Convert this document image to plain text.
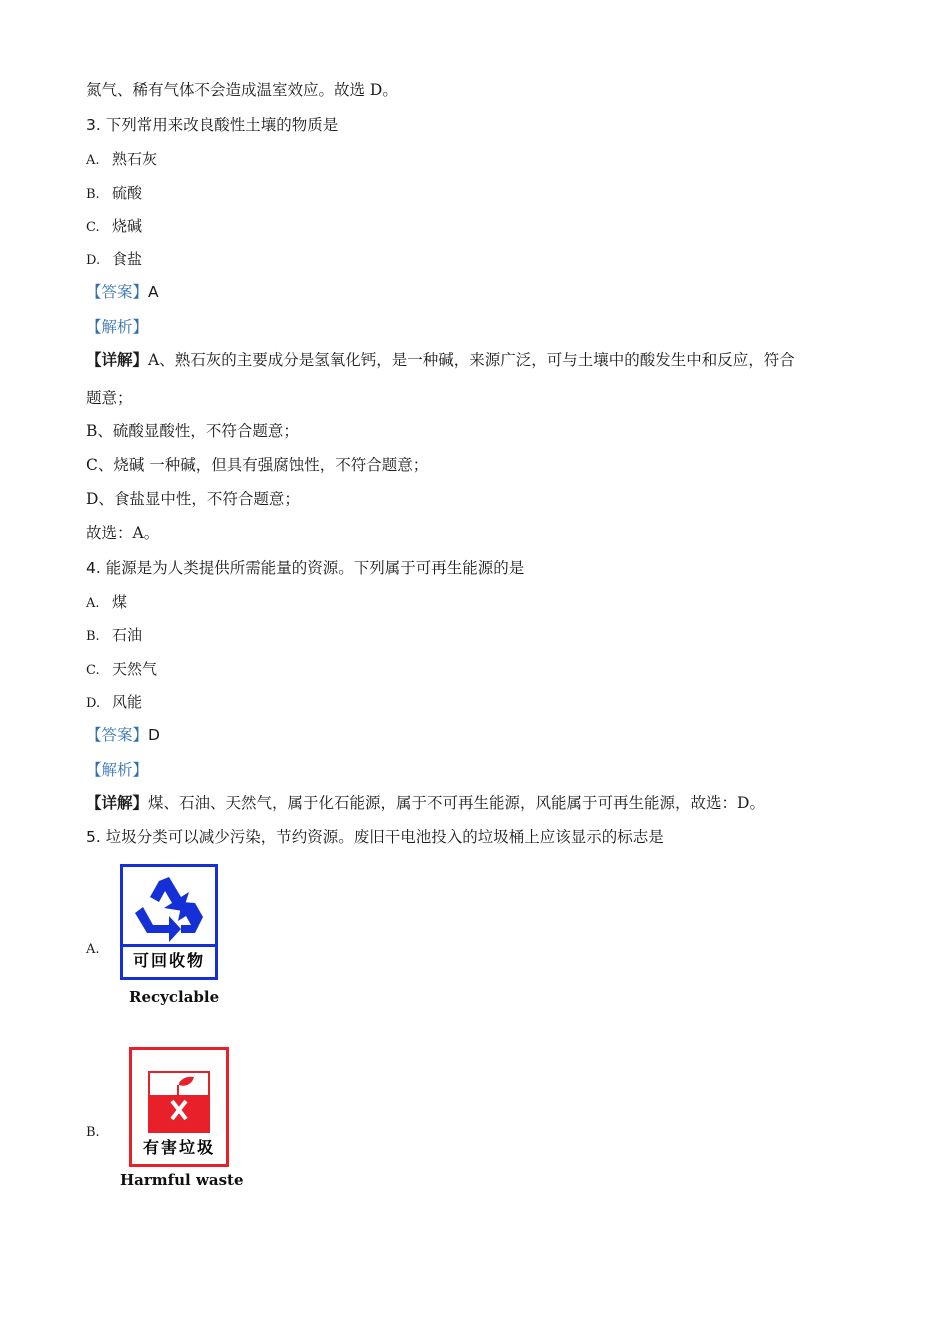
氮气、稀有气体不会造成温室效应。故选 D。
3. 下列常用来改良酸性土壤的物质是
A. 熟石灰
B. 硫酸
C. 烧碱
D. 食盐
【答案】A
【解析】
【详解】A、熟石灰的主要成分是氢氧化钙，是一种碱，来源广泛，可与土壤中的酸发生中和反应，符合
题意；
B、硫酸显酸性，不符合题意；
C、烧碱 一种碱，但具有强腐蚀性，不符合题意；
D、食盐显中性，不符合题意；
故选：A。
4. 能源是为人类提供所需能量的资源。下列属于可再生能源的是
A. 煤
B. 石油
C. 天然气
D. 风能
【答案】D
【解析】
【详解】煤、石油、天然气，属于化石能源，属于不可再生能源，风能属于可再生能源，故选：D。
5. 垃圾分类可以减少污染，节约资源。废旧干电池投入的垃圾桶上应该显示的标志是
A.
可回收物
Recyclable
B.
有害垃圾
Harmful waste
